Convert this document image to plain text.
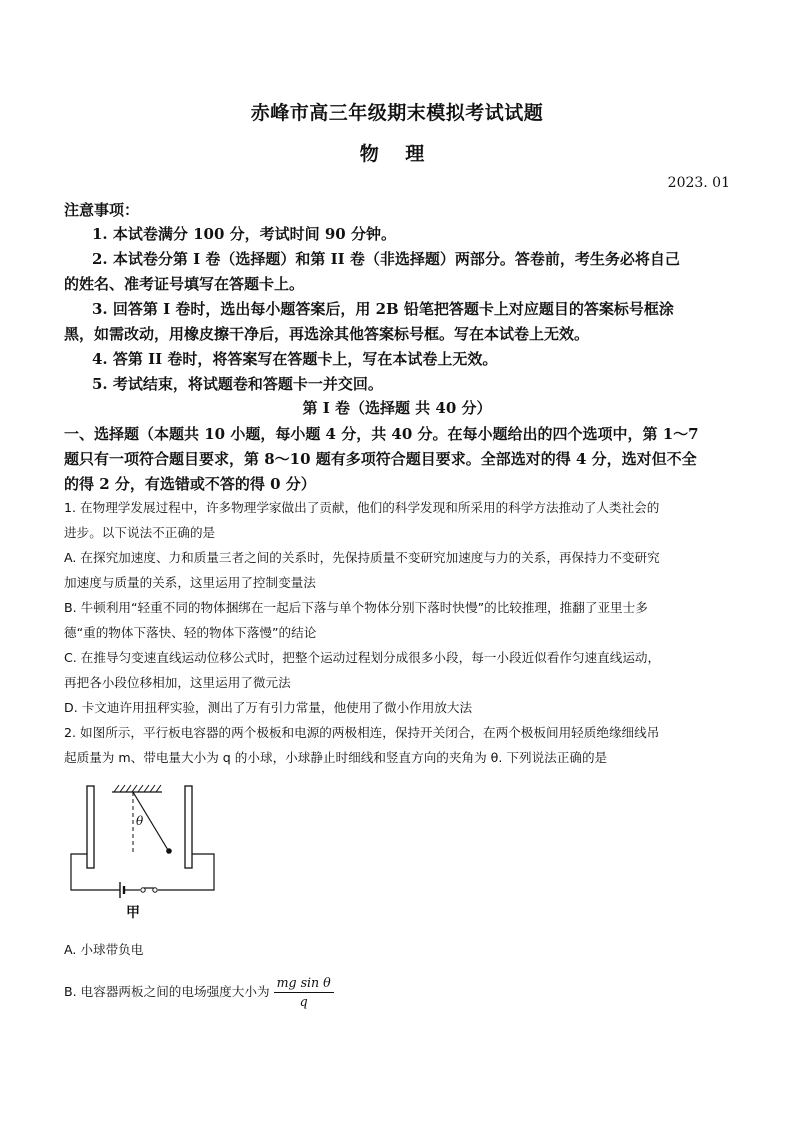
赤峰市高三年级期末模拟考试试题
物 理
2023. 01
注意事项：
1. 本试卷满分 100 分，考试时间 90 分钟。
2. 本试卷分第 I 卷（选择题）和第 II 卷（非选择题）两部分。答卷前，考生务必将自己
的姓名、准考证号填写在答题卡上。
3. 回答第 I 卷时，选出每小题答案后，用 2B 铅笔把答题卡上对应题目的答案标号框涂
黑，如需改动，用橡皮擦干净后，再选涂其他答案标号框。写在本试卷上无效。
4. 答第 II 卷时，将答案写在答题卡上，写在本试卷上无效。
5. 考试结束，将试题卷和答题卡一并交回。
第 I 卷（选择题 共 40 分）
一、选择题（本题共 10 小题，每小题 4 分，共 40 分。在每小题给出的四个选项中，第 1～7
题只有一项符合题目要求，第 8～10 题有多项符合题目要求。全部选对的得 4 分，选对但不全
的得 2 分，有选错或不答的得 0 分）
1. 在物理学发展过程中，许多物理学家做出了贡献，他们的科学发现和所采用的科学方法推动了人类社会的
进步。以下说法不正确的是
A. 在探究加速度、力和质量三者之间的关系时，先保持质量不变研究加速度与力的关系，再保持力不变研究
加速度与质量的关系，这里运用了控制变量法
B. 牛顿利用“轻重不同的物体捆绑在一起后下落与单个物体分别下落时快慢”的比较推理，推翻了亚里士多
德“重的物体下落快、轻的物体下落慢”的结论
C. 在推导匀变速直线运动位移公式时，把整个运动过程划分成很多小段，每一小段近似看作匀速直线运动，
再把各小段位移相加，这里运用了微元法
D. 卡文迪许用扭秤实验，测出了万有引力常量，他使用了微小作用放大法
2. 如图所示，平行板电容器的两个极板和电源的两极相连，保持开关闭合，在两个极板间用轻质绝缘细线吊
起质量为 m、带电量大小为 q 的小球，小球静止时细线和竖直方向的夹角为 θ. 下列说法正确的是
θ
甲
A. 小球带负电
B. 电容器两板之间的电场强度大小为 $\frac{\text{mg sin θ}}{q}$
